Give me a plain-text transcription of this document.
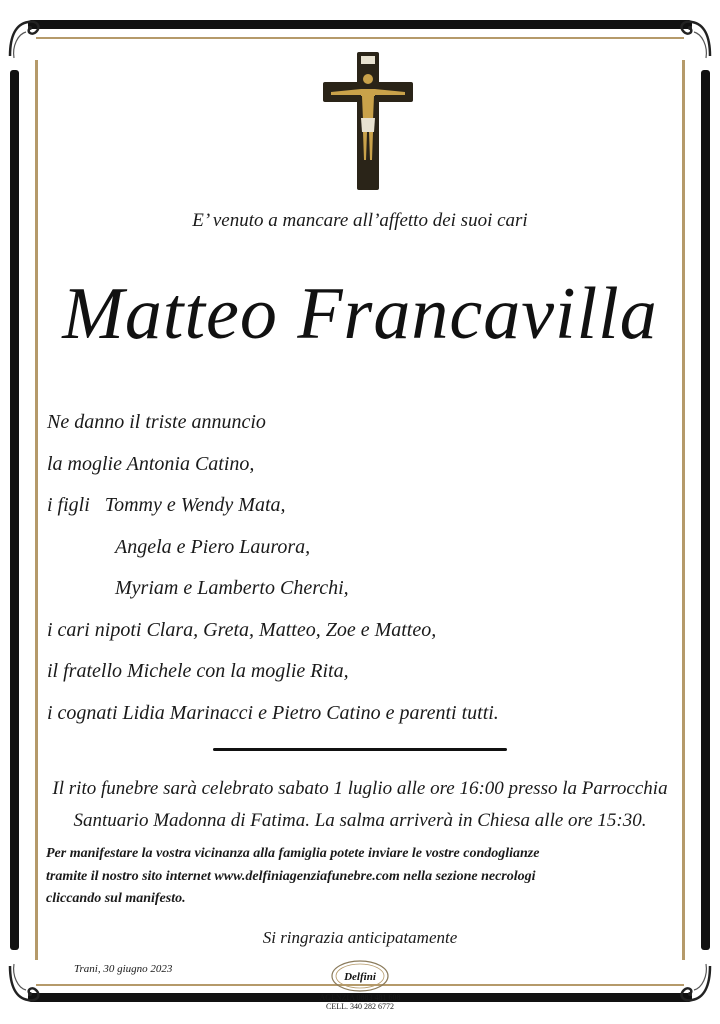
E’ venuto a mancare all’affetto dei suoi cari
Matteo Francavilla
Ne danno il triste annuncio
la moglie Antonia Catino,
i figli   Tommy e Wendy Mata,
Angela e Piero Laurora,
Myriam e Lamberto Cherchi,
i cari nipoti Clara, Greta, Matteo, Zoe e Matteo,
il fratello Michele con la moglie Rita,
i cognati Lidia Marinacci e Pietro Catino e parenti tutti.
Il rito funebre sarà celebrato sabato 1 luglio alle ore 16:00 presso la Parrocchia
Santuario Madonna di Fatima. La salma arriverà in Chiesa alle ore 15:30.
Per manifestare la vostra vicinanza alla famiglia potete inviare le vostre condoglianze
tramite il nostro sito internet www.delfiniagenziafunebre.com nella sezione necrologi
cliccando sul manifesto.
Si ringrazia anticipatamente
Trani, 30 giugno 2023
Delfini
AGENZIA 0883 481 608
CELL. 340 282 6772
